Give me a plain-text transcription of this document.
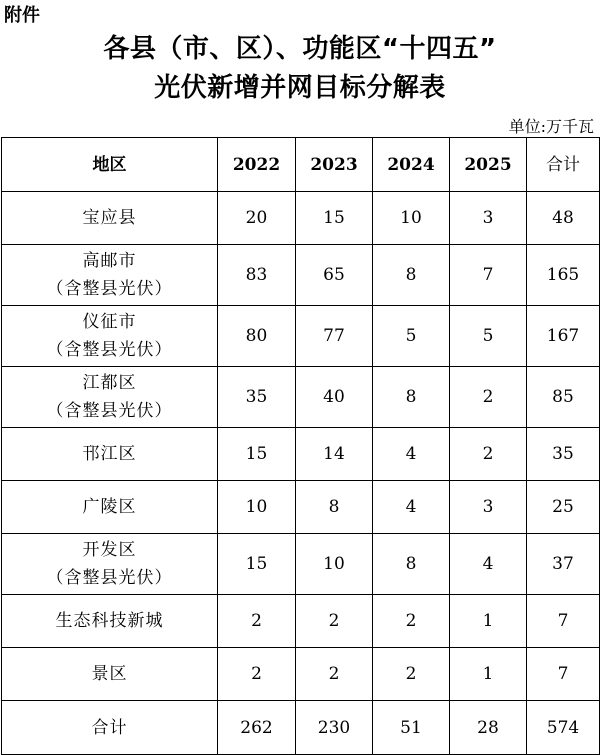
附件
各县（市、区）、功能区“十四五”
光伏新增并网目标分解表
单位:万千瓦
地区	2022	2023	2024	2025	合计

宝应县	20	15	10	3	48

高邮市
（含整县光伏）	83	65	8	7	165

仪征市
（含整县光伏）	80	77	5	5	167

江都区
（含整县光伏）	35	40	8	2	85

邗江区	15	14	4	2	35

广陵区	10	8	4	3	25

开发区
（含整县光伏）	15	10	8	4	37

生态科技新城	2	2	2	1	7

景区	2	2	2	1	7
合计	262	230	51	28	574
